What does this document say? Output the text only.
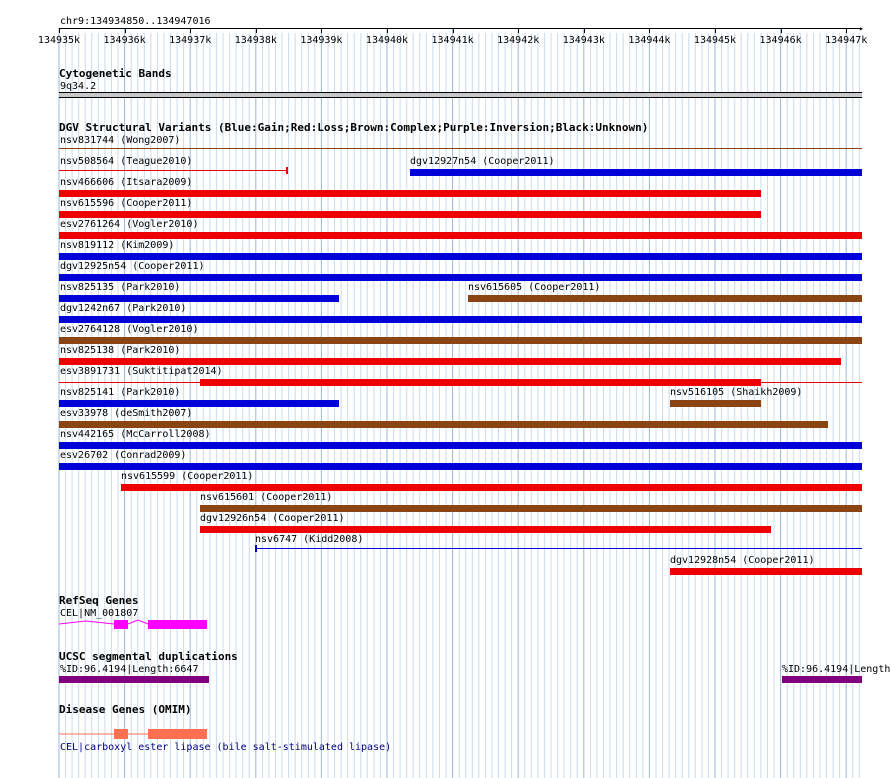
chr9:134934850..134947016
▸
134935k 134936k 134937k 134938k 134939k 134940k 134941k 134942k 134943k 134944k 134945k 134946k 134947k
Cytogenetic Bands
9q34.2
DGV Structural Variants (Blue:Gain;Red:Loss;Brown:Complex;Purple:Inversion;Black:Unknown)
nsv831744 (Wong2007)
nsv508564 (Teague2010)	dgv12927n54 (Cooper2011)
nsv466606 (Itsara2009)
nsv615596 (Cooper2011)
esv2761264 (Vogler2010)
nsv819112 (Kim2009)
dgv12925n54 (Cooper2011)
nsv825135 (Park2010)	nsv615605 (Cooper2011)
dgv1242n67 (Park2010)
esv2764128 (Vogler2010)
nsv825138 (Park2010)
esv3891731 (Suktitipat2014)
nsv825141 (Park2010)	nsv516105 (Shaikh2009)
esv33978 (deSmith2007)
nsv442165 (McCarroll2008)
esv26702 (Conrad2009)
nsv615599 (Cooper2011)
nsv615601 (Cooper2011)
dgv12926n54 (Cooper2011)
nsv6747 (Kidd2008)
dgv12928n54 (Cooper2011)
RefSeq Genes
CEL|NM_001807
UCSC segmental duplications
%ID:96.4194|Length:6647	%ID:96.4194|Length
Disease Genes (OMIM)
CEL|carboxyl ester lipase (bile salt-stimulated lipase)
